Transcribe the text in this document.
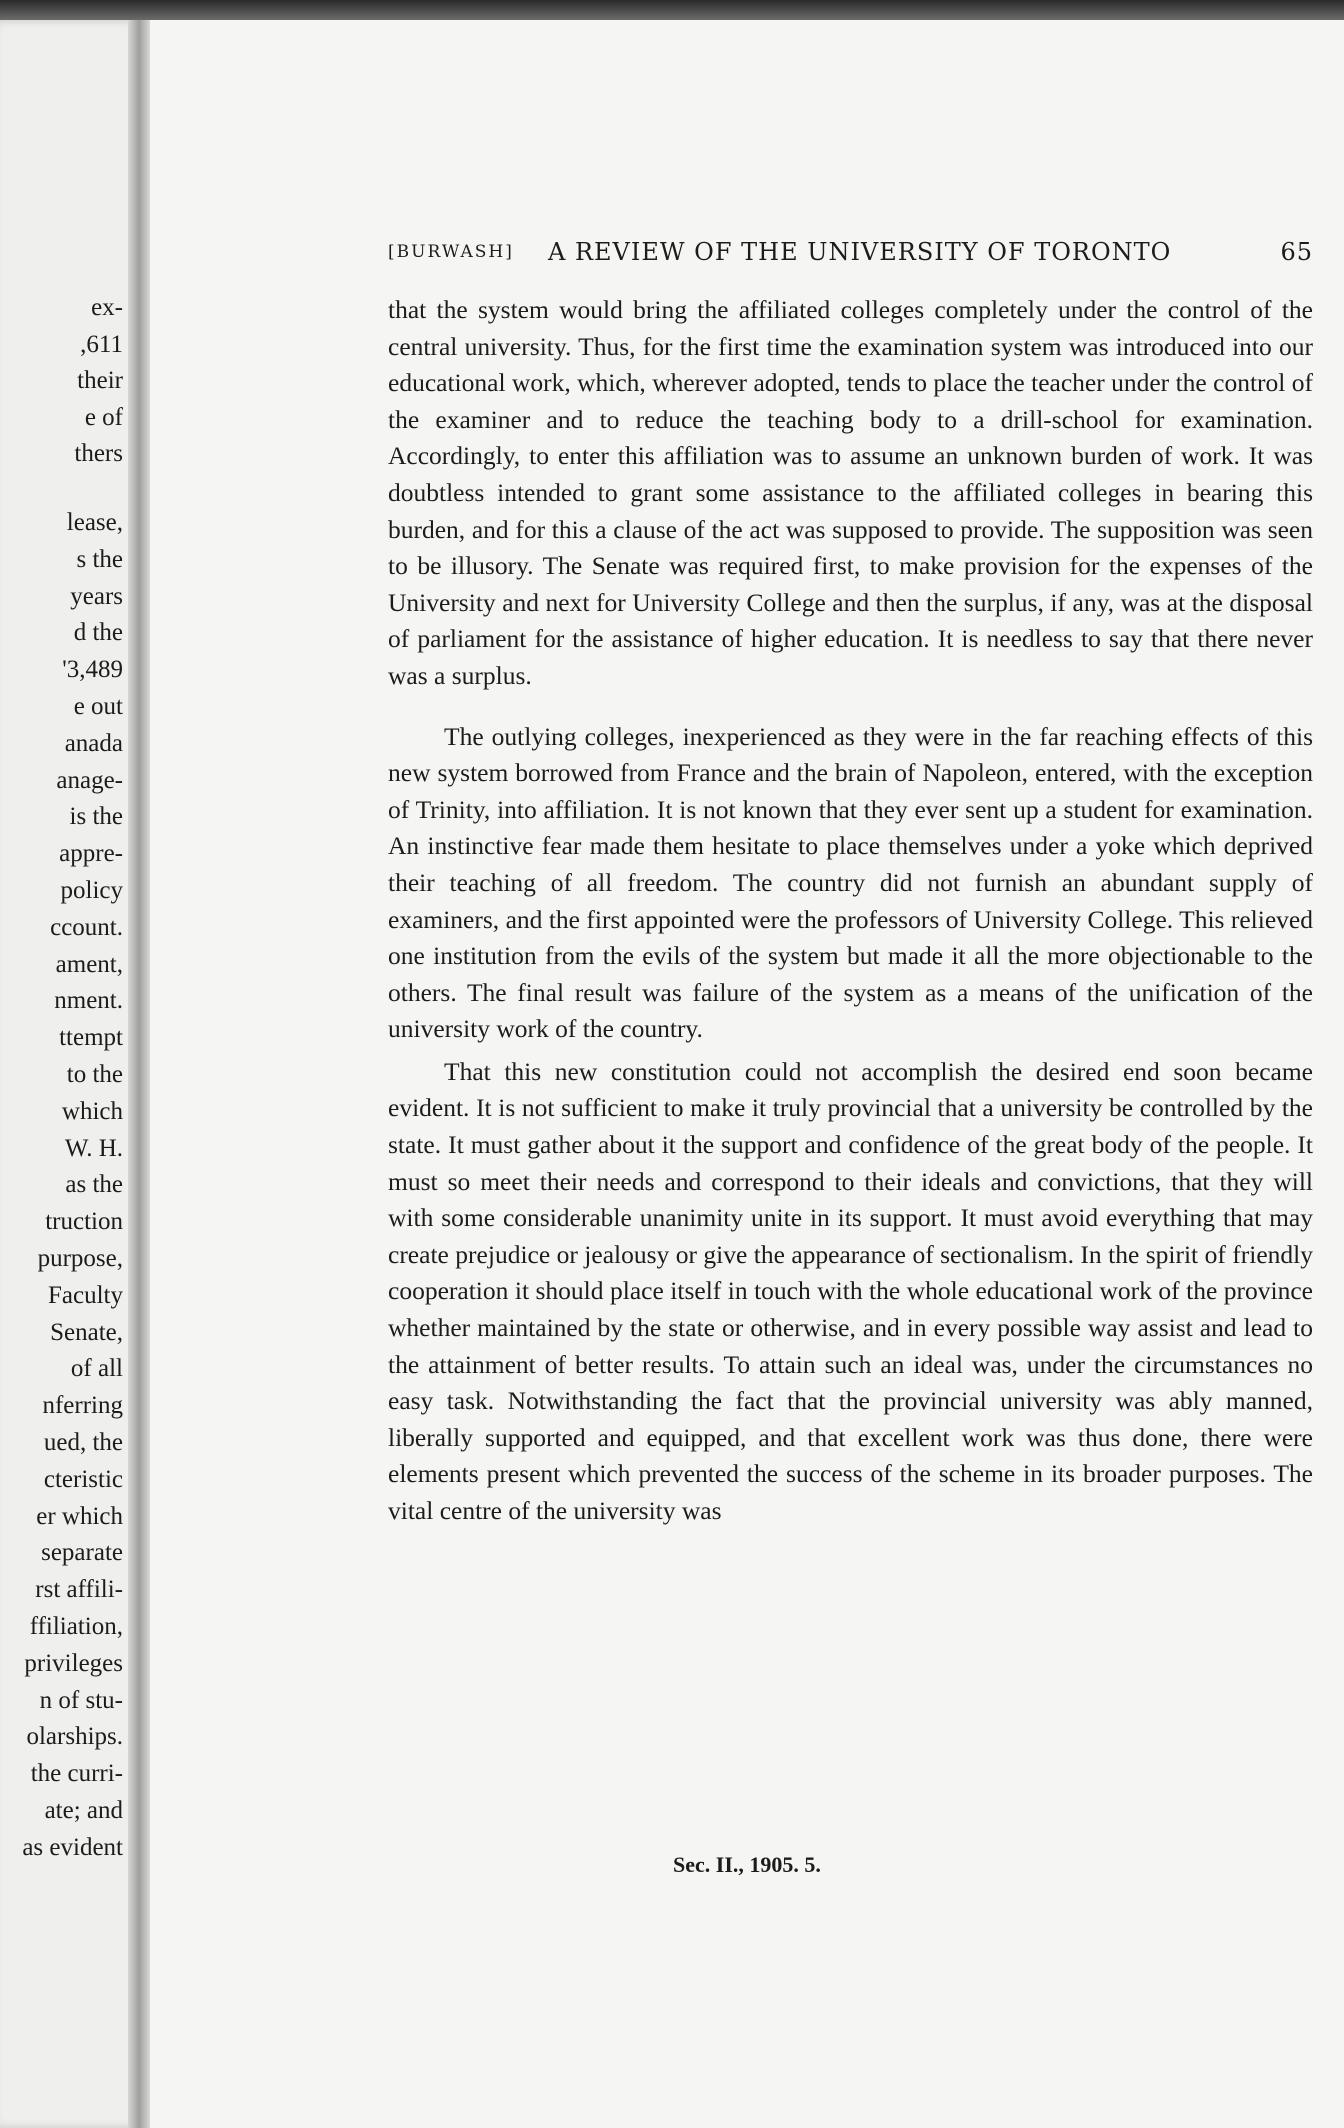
ex-
,611
their
e of
thers
lease,
s the
years
d the
'3,489
e out
anada
anage-
is the
appre-
policy
ccount.
ament,
nment.
ttempt
to the
which
W. H.
as the
truction
purpose,
Faculty
Senate,
of all
nferring
ued, the
cteristic
er which
separate
rst affili-
ffiliation,
privileges
n of stu-
olarships.
the curri-
ate; and
as evident
[BURWASH] A REVIEW OF THE UNIVERSITY OF TORONTO	65

that the system would bring the affiliated colleges completely under the control of the central university. Thus, for the first time the examination system was introduced into our educational work, which, wherever adopted, tends to place the teacher under the control of the examiner and to reduce the teaching body to a drill-school for examination. Accordingly, to enter this affiliation was to assume an unknown burden of work. It was doubtless intended to grant some assistance to the affiliated colleges in bearing this burden, and for this a clause of the act was supposed to provide. The supposition was seen to be illusory. The Senate was required first, to make provision for the expenses of the University and next for University College and then the surplus, if any, was at the disposal of parliament for the assistance of higher education. It is needless to say that there never was a surplus.

The outlying colleges, inexperienced as they were in the far reaching effects of this new system borrowed from France and the brain of Napoleon, entered, with the exception of Trinity, into affiliation. It is not known that they ever sent up a student for examination. An instinctive fear made them hesitate to place themselves under a yoke which deprived their teaching of all freedom. The country did not furnish an abundant supply of examiners, and the first appointed were the professors of University College. This relieved one institution from the evils of the system but made it all the more objectionable to the others. The final result was failure of the system as a means of the unification of the university work of the country.

That this new constitution could not accomplish the desired end soon became evident. It is not sufficient to make it truly provincial that a university be controlled by the state. It must gather about it the support and confidence of the great body of the people. It must so meet their needs and correspond to their ideals and convictions, that they will with some considerable unanimity unite in its support. It must avoid everything that may create prejudice or jealousy or give the appearance of sectionalism. In the spirit of friendly cooperation it should place itself in touch with the whole educational work of the province whether maintained by the state or otherwise, and in every possible way assist and lead to the attainment of better results. To attain such an ideal was, under the circumstances no easy task. Notwithstanding the fact that the provincial university was ably manned, liberally supported and equipped, and that excellent work was thus done, there were elements present which prevented the success of the scheme in its broader purposes. The vital centre of the university was

Sec. II., 1905. 5.
